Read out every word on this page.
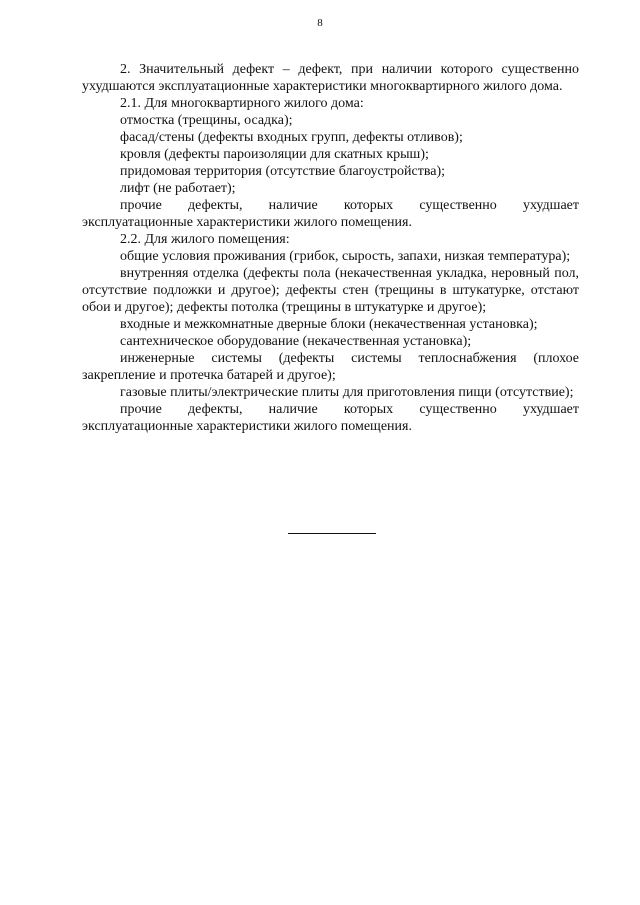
8

2. Значительный дефект – дефект, при наличии которого существенно ухудшаются эксплуатационные характеристики многоквартирного жилого дома.

2.1. Для многоквартирного жилого дома:

отмостка (трещины, осадка);

фасад/стены (дефекты входных групп, дефекты отливов);

кровля (дефекты пароизоляции для скатных крыш);

придомовая территория (отсутствие благоустройства);

лифт (не работает);

прочие дефекты, наличие которых существенно ухудшает эксплуатационные характеристики жилого помещения.

2.2. Для жилого помещения:

общие условия проживания (грибок, сырость, запахи, низкая температура);

внутренняя отделка (дефекты пола (некачественная укладка, неровный пол, отсутствие подложки и другое); дефекты стен (трещины в штукатурке, отстают обои и другое); дефекты потолка (трещины в штукатурке и другое);

входные и межкомнатные дверные блоки (некачественная установка);

сантехническое оборудование (некачественная установка);

инженерные системы (дефекты системы теплоснабжения (плохое закрепление и протечка батарей и другое);

газовые плиты/электрические плиты для приготовления пищи (отсутствие);

прочие дефекты, наличие которых существенно ухудшает эксплуатационные характеристики жилого помещения.
